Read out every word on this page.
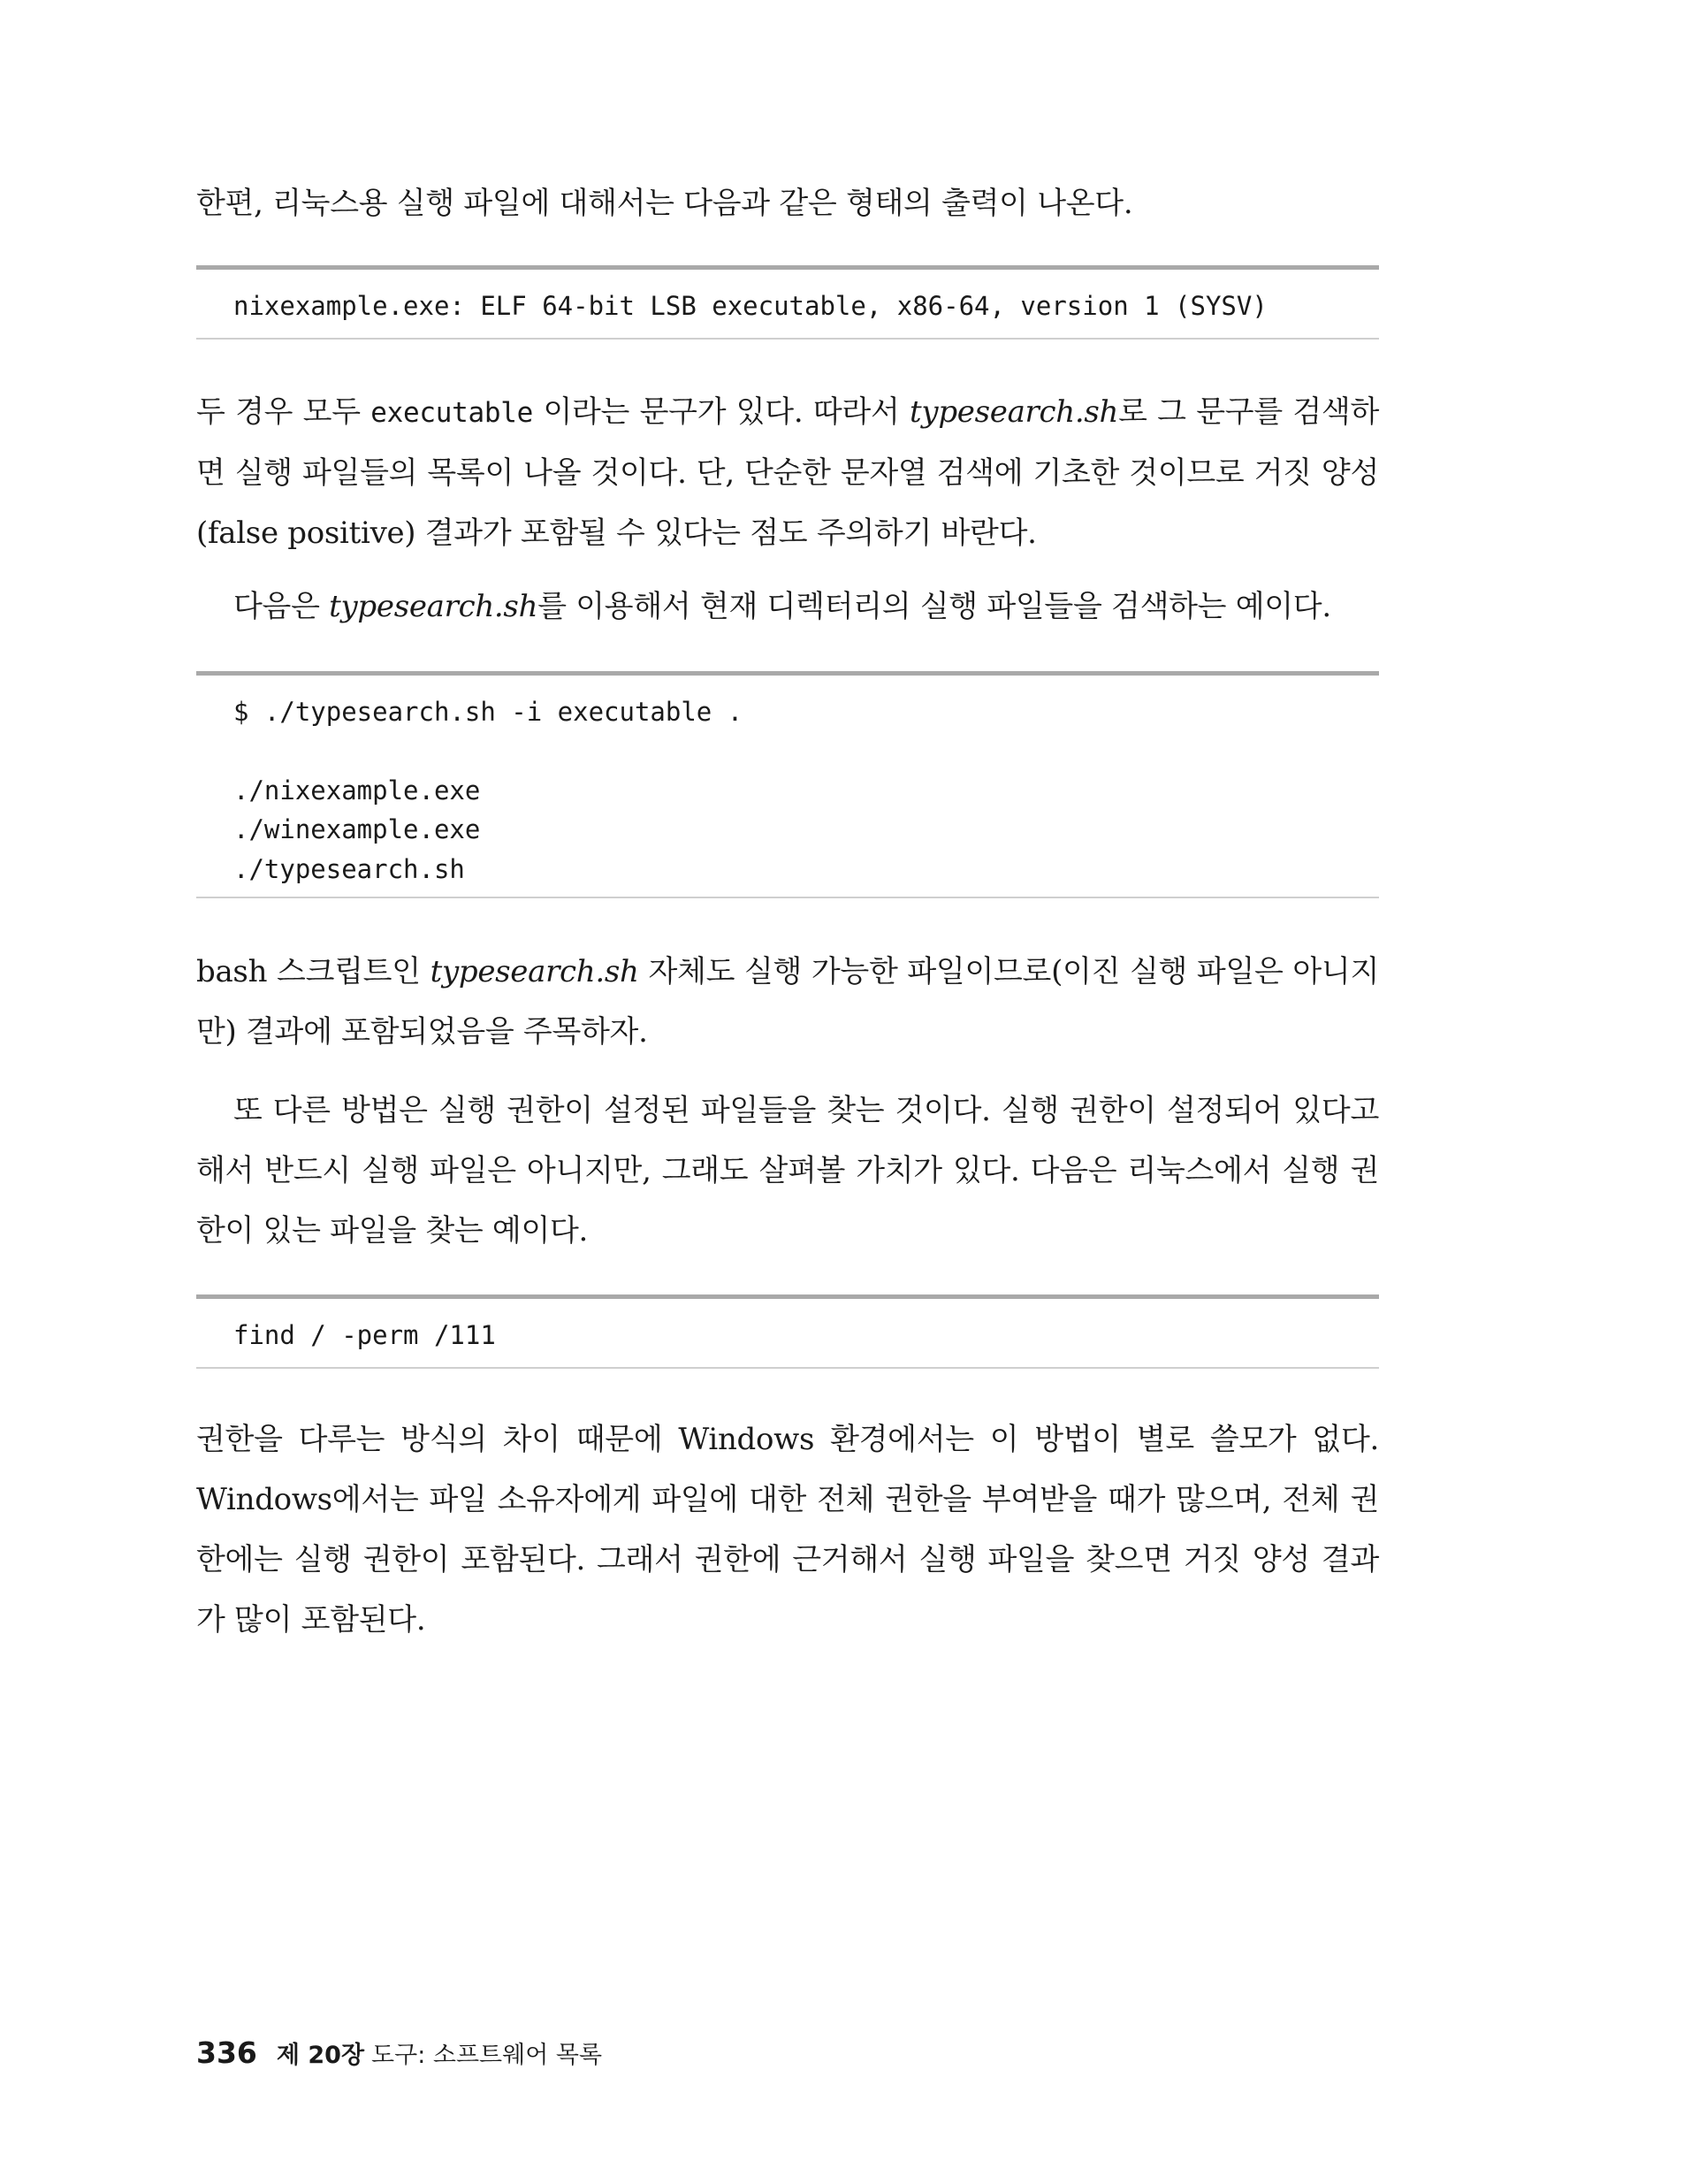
한편, 리눅스용 실행 파일에 대해서는 다음과 같은 형태의 출력이 나온다.

nixexample.exe: ELF 64-bit LSB executable, x86-64, version 1 (SYSV)

두 경우 모두 executable 이라는 문구가 있다. 따라서 typesearch.sh로 그 문구를 검색하면 실행 파일들의 목록이 나올 것이다. 단, 단순한 문자열 검색에 기초한 것이므로 거짓 양성(false positive) 결과가 포함될 수 있다는 점도 주의하기 바란다.

다음은 typesearch.sh를 이용해서 현재 디렉터리의 실행 파일들을 검색하는 예이다.

$ ./typesearch.sh -i executable .
./nixexample.exe
./winexample.exe
./typesearch.sh

bash 스크립트인 typesearch.sh 자체도 실행 가능한 파일이므로(이진 실행 파일은 아니지만) 결과에 포함되었음을 주목하자.

또 다른 방법은 실행 권한이 설정된 파일들을 찾는 것이다. 실행 권한이 설정되어 있다고 해서 반드시 실행 파일은 아니지만, 그래도 살펴볼 가치가 있다. 다음은 리눅스에서 실행 권한이 있는 파일을 찾는 예이다.

find / -perm /111

권한을 다루는 방식의 차이 때문에 Windows 환경에서는 이 방법이 별로 쓸모가 없다. Windows에서는 파일 소유자에게 파일에 대한 전체 권한을 부여받을 때가 많으며, 전체 권한에는 실행 권한이 포함된다. 그래서 권한에 근거해서 실행 파일을 찾으면 거짓 양성 결과가 많이 포함된다.

336 제 20장 도구: 소프트웨어 목록
